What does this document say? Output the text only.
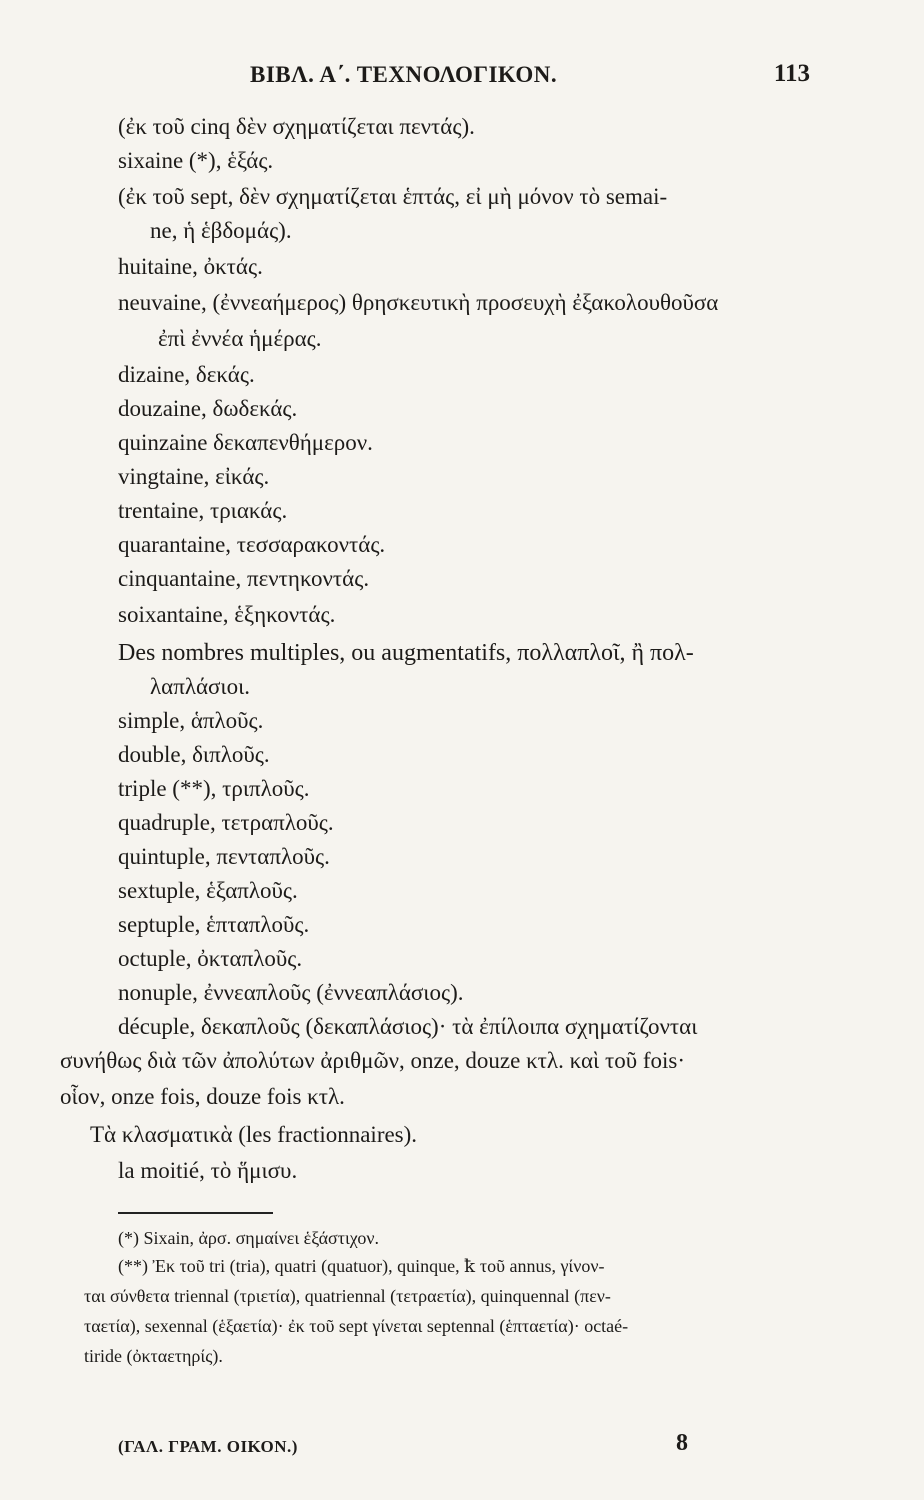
ΒΙΒΛ. Α΄. ΤΕΧΝΟΛΟΓΙΚΟΝ.	113
(ἐκ τοῦ cinq δὲν σχηματίζεται πεντάς).
sixaine (*), ἑξάς.
(ἐκ τοῦ sept, δὲν σχηματίζεται ἑπτάς, εἰ μὴ μόνον τὸ semai-
ne, ἡ ἑβδομάς).
huitaine, ὀκτάς.
neuvaine, (ἐννεαήμερος) θρησκευτικὴ προσευχὴ ἐξακολουθοῦσα
ἐπὶ ἐννέα ἡμέρας.
dizaine, δεκάς.
douzaine, δωδεκάς.
quinzaine δεκαπενθήμερον.
vingtaine, εἰκάς.
trentaine, τριακάς.
quarantaine, τεσσαρακοντάς.
cinquantaine, πεντηκοντάς.
soixantaine, ἑξηκοντάς.
Des nombres multiples, ou augmentatifs, πολλαπλοῖ, ἢ πολ-
λαπλάσιοι.
simple, ἁπλοῦς.
double, διπλοῦς.
triple (**), τριπλοῦς.
quadruple, τετραπλοῦς.
quintuple, πενταπλοῦς.
sextuple, ἑξαπλοῦς.
septuple, ἑπταπλοῦς.
octuple, ὀκταπλοῦς.
nonuple, ἐννεαπλοῦς (ἐννεαπλάσιος).
décuple, δεκαπλοῦς (δεκαπλάσιος)· τὰ ἐπίλοιπα σχηματίζονται
συνήθως διὰ τῶν ἀπολύτων ἀριθμῶν, onze, douze κτλ. καὶ τοῦ fois·
οἷον, onze fois, douze fois κτλ.
Τὰ κλασματικὰ (les fractionnaires).
la moitié, τὸ ἥμισυ.
(*) Sixain, ἀρσ. σημαίνει ἑξάστιχον.
(**) Ἐκ τοῦ tri (tria), quatri (quatuor), quinque, ꝁ τοῦ annus, γίνον-
ται σύνθετα triennal (τριετία), quatriennal (τετραετία), quinquennal (πεν-
ταετία), sexennal (ἑξαετία)· ἐκ τοῦ sept γίνεται septennal (ἑπταετία)· octaé-
tiride (ὀκταετηρίς).
(ΓΑΛ. ΓΡΑΜ. ΟΙΚΟΝ.)	8
